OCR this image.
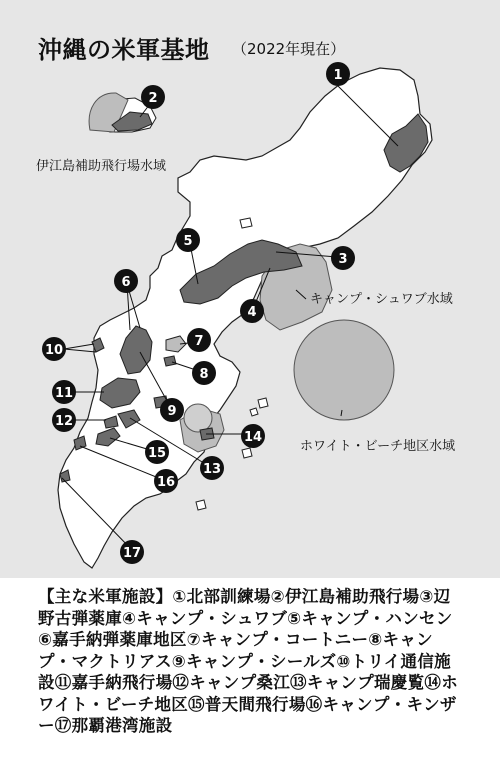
沖縄の米軍基地 （2022年現在）
伊江島補助飛行場水域
キャンプ・シュワブ水域
ホワイト・ビーチ地区水域
1
2
3
4
5
6
7
8
9
10
11
12
13
14
15
16
17
【主な米軍施設】①北部訓練場②伊江島補助飛行場③辺野古弾薬庫④キャンプ・シュワブ⑤キャンプ・ハンセン⑥嘉手納弾薬庫地区⑦キャンプ・コートニー⑧キャンプ・マクトリアス⑨キャンプ・シールズ⑩トリイ通信施設⑪嘉手納飛行場⑫キャンプ桑江⑬キャンプ瑞慶覧⑭ホワイト・ビーチ地区⑮普天間飛行場⑯キャンプ・キンザー⑰那覇港湾施設
